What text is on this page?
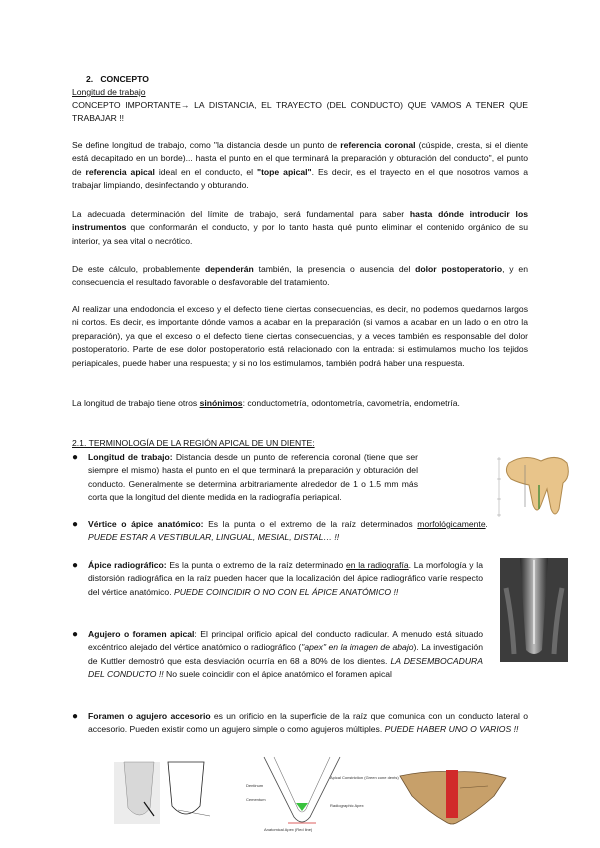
2. CONCEPTO
Longitud de trabajo
CONCEPTO IMPORTANTE→ LA DISTANCIA, EL TRAYECTO (DEL CONDUCTO) QUE VAMOS A TENER QUE TRABAJAR !!
Se define longitud de trabajo, como "la distancia desde un punto de referencia coronal (cúspide, cresta, si el diente está decapitado en un borde)... hasta el punto en el que terminará la preparación y obturación del conducto", el punto de referencia apical ideal en el conducto, el "tope apical". Es decir, es el trayecto en el que nosotros vamos a trabajar limpiando, desinfectando y obturando.
La adecuada determinación del límite de trabajo, será fundamental para saber hasta dónde introducir los instrumentos que conformarán el conducto, y por lo tanto hasta qué punto eliminar el contenido orgánico de su interior, ya sea vital o necrótico.
De este cálculo, probablemente dependerán también, la presencia o ausencia del dolor postoperatorio, y en consecuencia el resultado favorable o desfavorable del tratamiento.
Al realizar una endodoncia el exceso y el defecto tiene ciertas consecuencias, es decir, no podemos quedarnos largos ni cortos. Es decir, es importante dónde vamos a acabar en la preparación (si vamos a acabar en un lado o en otro la preparación), ya que el exceso o el defecto tiene ciertas consecuencias, y a veces también es responsable del dolor postoperatorio. Parte de ese dolor postoperatorio está relacionado con la entrada: si estimulamos mucho los tejidos periapicales, puede haber una respuesta; y si no los estimulamos, también podrá haber una respuesta.
La longitud de trabajo tiene otros sinónimos: conductometría, odontometría, cavometría, endometría.
2.1. TERMINOLOGÍA DE LA REGIÓN APICAL DE UN DIENTE:
● Longitud de trabajo: Distancia desde un punto de referencia coronal (tiene que ser siempre el mismo) hasta el punto en el que terminará la preparación y obturación del conducto. Generalmente se determina arbitrariamente alrededor de 1 o 1.5 mm más corta que la longitud del diente medida en la radiografía periapical.
● Vértice o ápice anatómico: Es la punta o el extremo de la raíz determinados morfológicamente. PUEDE ESTAR A VESTIBULAR, LINGUAL, MESIAL, DISTAL… !!
● Ápice radiográfico: Es la punta o extremo de la raíz determinado en la radiografía. La morfología y la distorsión radiográfica en la raíz pueden hacer que la localización del ápice radiográfico varíe respecto del vértice anatómico. PUEDE COINCIDIR O NO CON EL ÁPICE ANATÓMICO !!
● Agujero o foramen apical: El principal orificio apical del conducto radicular. A menudo está situado excéntrico alejado del vértice anatómico o radiográfico ("apex" en la imagen de abajo). La investigación de Kuttler demostró que esta desviación ocurría en 68 a 80% de los dientes. LA DESEMBOCADURA DEL CONDUCTO !! No suele coincidir con el ápice anatómico el foramen apical
● Foramen o agujero accesorio es un orificio en la superficie de la raíz que comunica con un conducto lateral o accesorio. Pueden existir como un agujero simple o como agujeros múltiples. PUEDE HABER UNO O VARIOS !!
Dentinum
Cementum
Anatomical Apex (Red line)
Apical Constriction (Green cone dents)
Radiographic Apex
